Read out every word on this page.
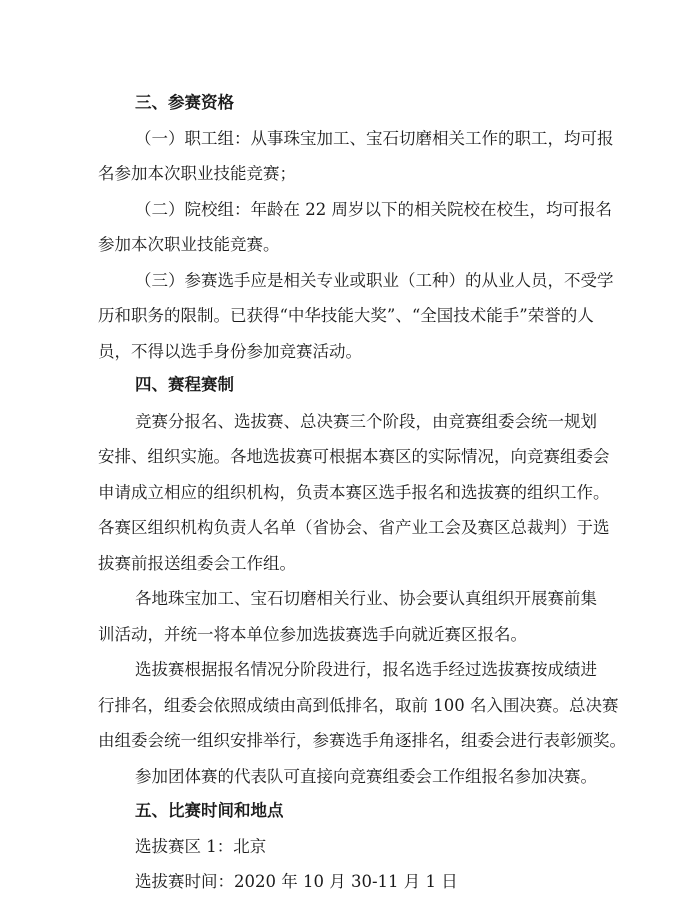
三、参赛资格
（一）职工组：从事珠宝加工、宝石切磨相关工作的职工，均可报
名参加本次职业技能竞赛；
（二）院校组：年龄在 22 周岁以下的相关院校在校生，均可报名
参加本次职业技能竞赛。
（三）参赛选手应是相关专业或职业（工种）的从业人员，不受学
历和职务的限制。已获得“中华技能大奖”、“全国技术能手”荣誉的人
员，不得以选手身份参加竞赛活动。
四、赛程赛制
竞赛分报名、选拔赛、总决赛三个阶段，由竞赛组委会统一规划
安排、组织实施。各地选拔赛可根据本赛区的实际情况，向竞赛组委会
申请成立相应的组织机构，负责本赛区选手报名和选拔赛的组织工作。
各赛区组织机构负责人名单（省协会、省产业工会及赛区总裁判）于选
拔赛前报送组委会工作组。
各地珠宝加工、宝石切磨相关行业、协会要认真组织开展赛前集
训活动，并统一将本单位参加选拔赛选手向就近赛区报名。
选拔赛根据报名情况分阶段进行，报名选手经过选拔赛按成绩进
行排名，组委会依照成绩由高到低排名，取前 100 名入围决赛。总决赛
由组委会统一组织安排举行，参赛选手角逐排名，组委会进行表彰颁奖。
参加团体赛的代表队可直接向竞赛组委会工作组报名参加决赛。
五、比赛时间和地点
选拔赛区 1：北京
选拔赛时间：2020 年 10 月 30-11 月 1 日
